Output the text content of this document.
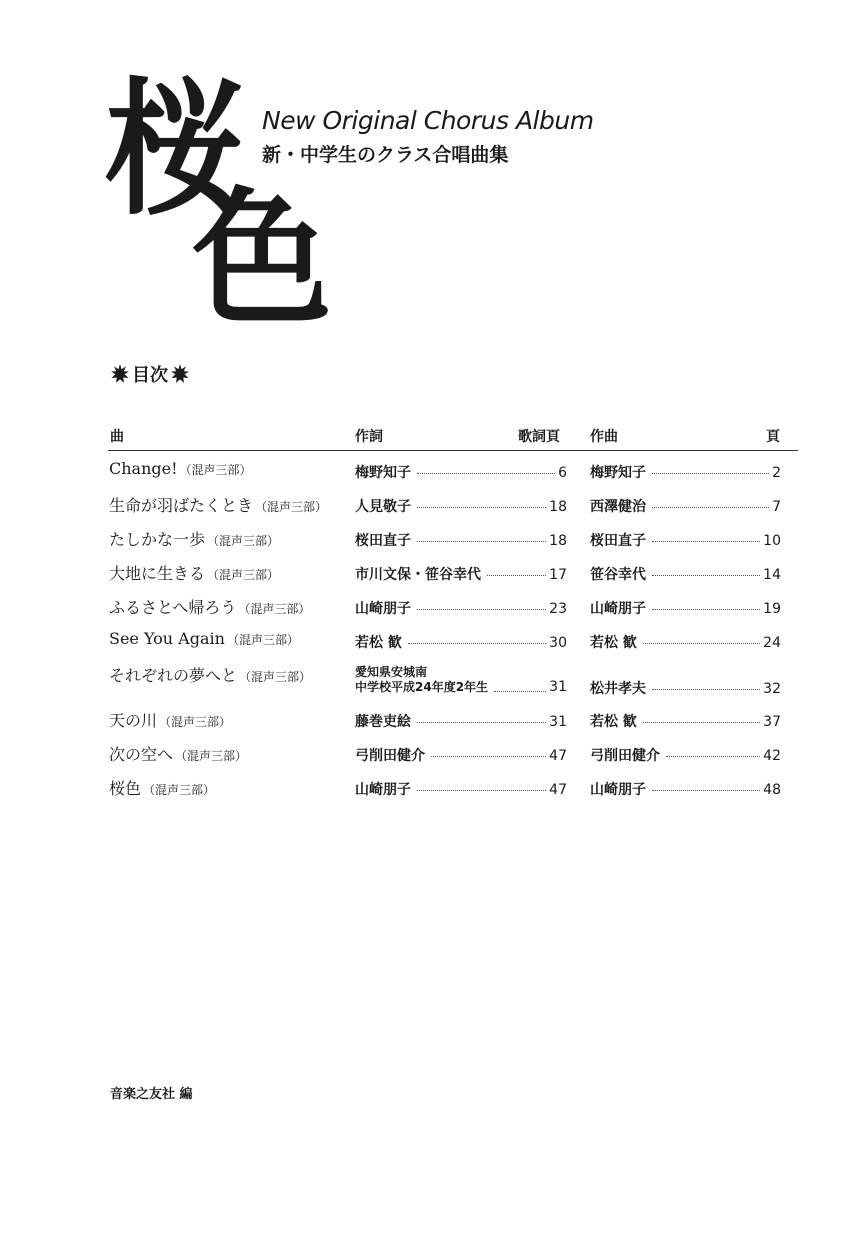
桜
色
New Original Chorus Album
新・中学生のクラス合唱曲集
目次
曲	作詞	歌詞頁 作曲	頁
Change! （混声三部）	梅野知子	6 梅野知子	2
生命が羽ばたくとき （混声三部） 人見敬子	18 西澤健治	7
たしかな一歩 （混声三部）	桜田直子	18 桜田直子	10
大地に生きる （混声三部）	市川文保・笹谷幸代	17 笹谷幸代	14
ふるさとへ帰ろう （混声三部）	山崎朋子	23 山崎朋子	19
See You Again （混声三部）	若松 歓	30 若松 歓	24
それぞれの夢へと （混声三部）	愛知県安城南
中学校平成24年度2年生	31 松井孝夫	32
天の川 （混声三部）	藤巻吏絵	31 若松 歓	37
次の空へ （混声三部）	弓削田健介	47 弓削田健介	42
桜色 （混声三部）	山崎朋子	47 山崎朋子	48
音楽之友社 編
